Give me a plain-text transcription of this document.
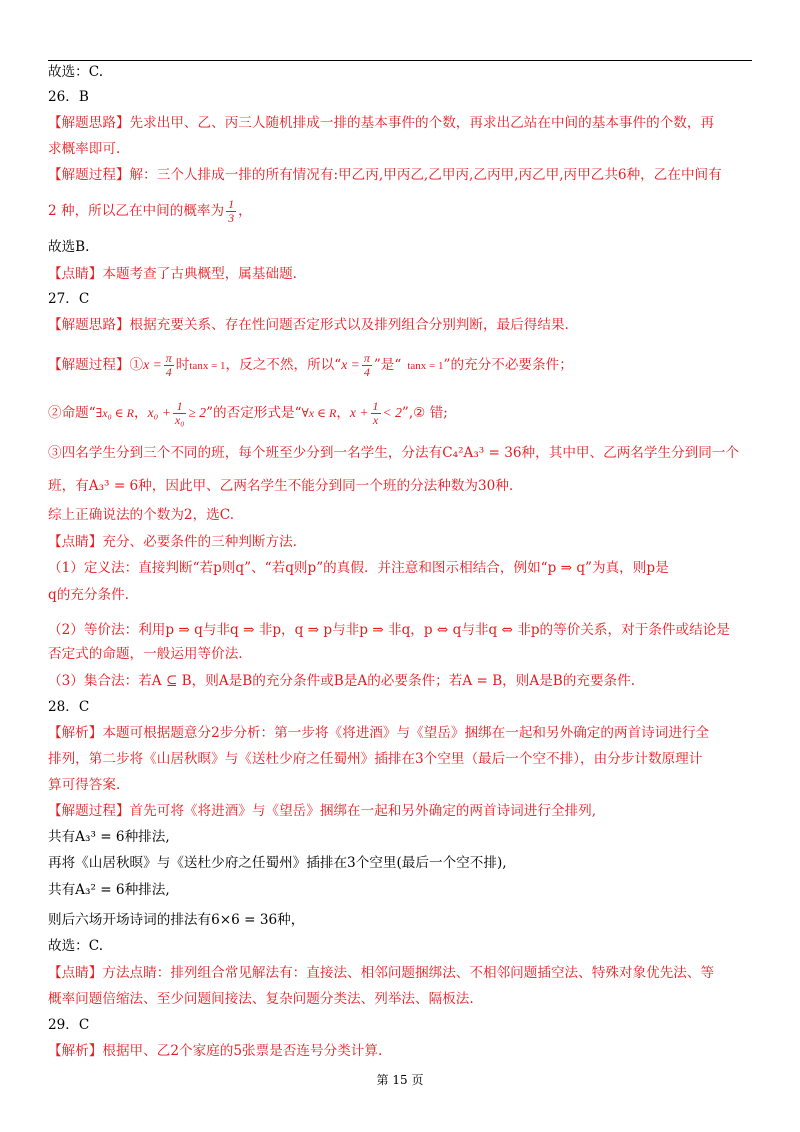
故选：C.
26．B
【解题思路】先求出甲、乙、丙三人随机排成一排的基本事件的个数，再求出乙站在中间的基本事件的个数，再
求概率即可.
【解题过程】解：三个人排成一排的所有情况有:甲乙丙,甲丙乙,乙甲丙,乙丙甲,丙乙甲,丙甲乙共6种，乙在中间有
2 种，所以乙在中间的概率为 $\frac{1}{3}$ ，
故选B.
【点睛】本题考查了古典概型，属基础题.
27．C
【解题思路】根据充要关系、存在性问题否定形式以及排列组合分别判断，最后得结果.
【解题过程】①x = $\frac{\pi}{4}$ 时tanx = 1，反之不然，所以“$x = \frac{\pi}{4}$ ”是“ tanx = 1”的充分不必要条件；
②命题“∃x₀ ∈ R，$x_0 + \frac{1}{\text{x₀}} \ge 2$”的否定形式是“∀x ∈ R，$x + \frac{1}{x}$ < 2”,② 错;
③四名学生分到三个不同的班，每个班至少分到一名学生，分法有C₄²A₃³ = 36种，其中甲、乙两名学生分到同一个
班，有A₃³ = 6种，因此甲、乙两名学生不能分到同一个班的分法种数为30种.
综上正确说法的个数为2，选C.
【点睛】充分、必要条件的三种判断方法.
（1）定义法：直接判断“若p则q”、“若q则p”的真假．并注意和图示相结合，例如“p ⇒ q”为真，则p是
q的充分条件.
（2）等价法：利用p ⇒ q与非q ⇒ 非p，q ⇒ p与非p ⇒ 非q，p ⇔ q与非q ⇔ 非p的等价关系，对于条件或结论是
否定式的命题，一般运用等价法.
（3）集合法：若A ⊆ B，则A是B的充分条件或B是A的必要条件；若A = B，则A是B的充要条件.
28．C
【解析】本题可根据题意分2步分析：第一步将《将进酒》与《望岳》捆绑在一起和另外确定的两首诗词进行全
排列，第二步将《山居秋暝》与《送杜少府之任蜀州》插排在3个空里（最后一个空不排），由分步计数原理计
算可得答案.
【解题过程】首先可将《将进酒》与《望岳》捆绑在一起和另外确定的两首诗词进行全排列,
共有A₃³ = 6种排法,
再将《山居秋暝》与《送杜少府之任蜀州》插排在3个空里(最后一个空不排),
共有A₃² = 6种排法,
则后六场开场诗词的排法有6×6 = 36种，
故选：C.
【点睛】方法点睛：排列组合常见解法有：直接法、相邻问题捆绑法、不相邻问题插空法、特殊对象优先法、等
概率问题倍缩法、至少问题间接法、复杂问题分类法、列举法、隔板法.
29．C
【解析】根据甲、乙2个家庭的5张票是否连号分类计算.
第 15 页
